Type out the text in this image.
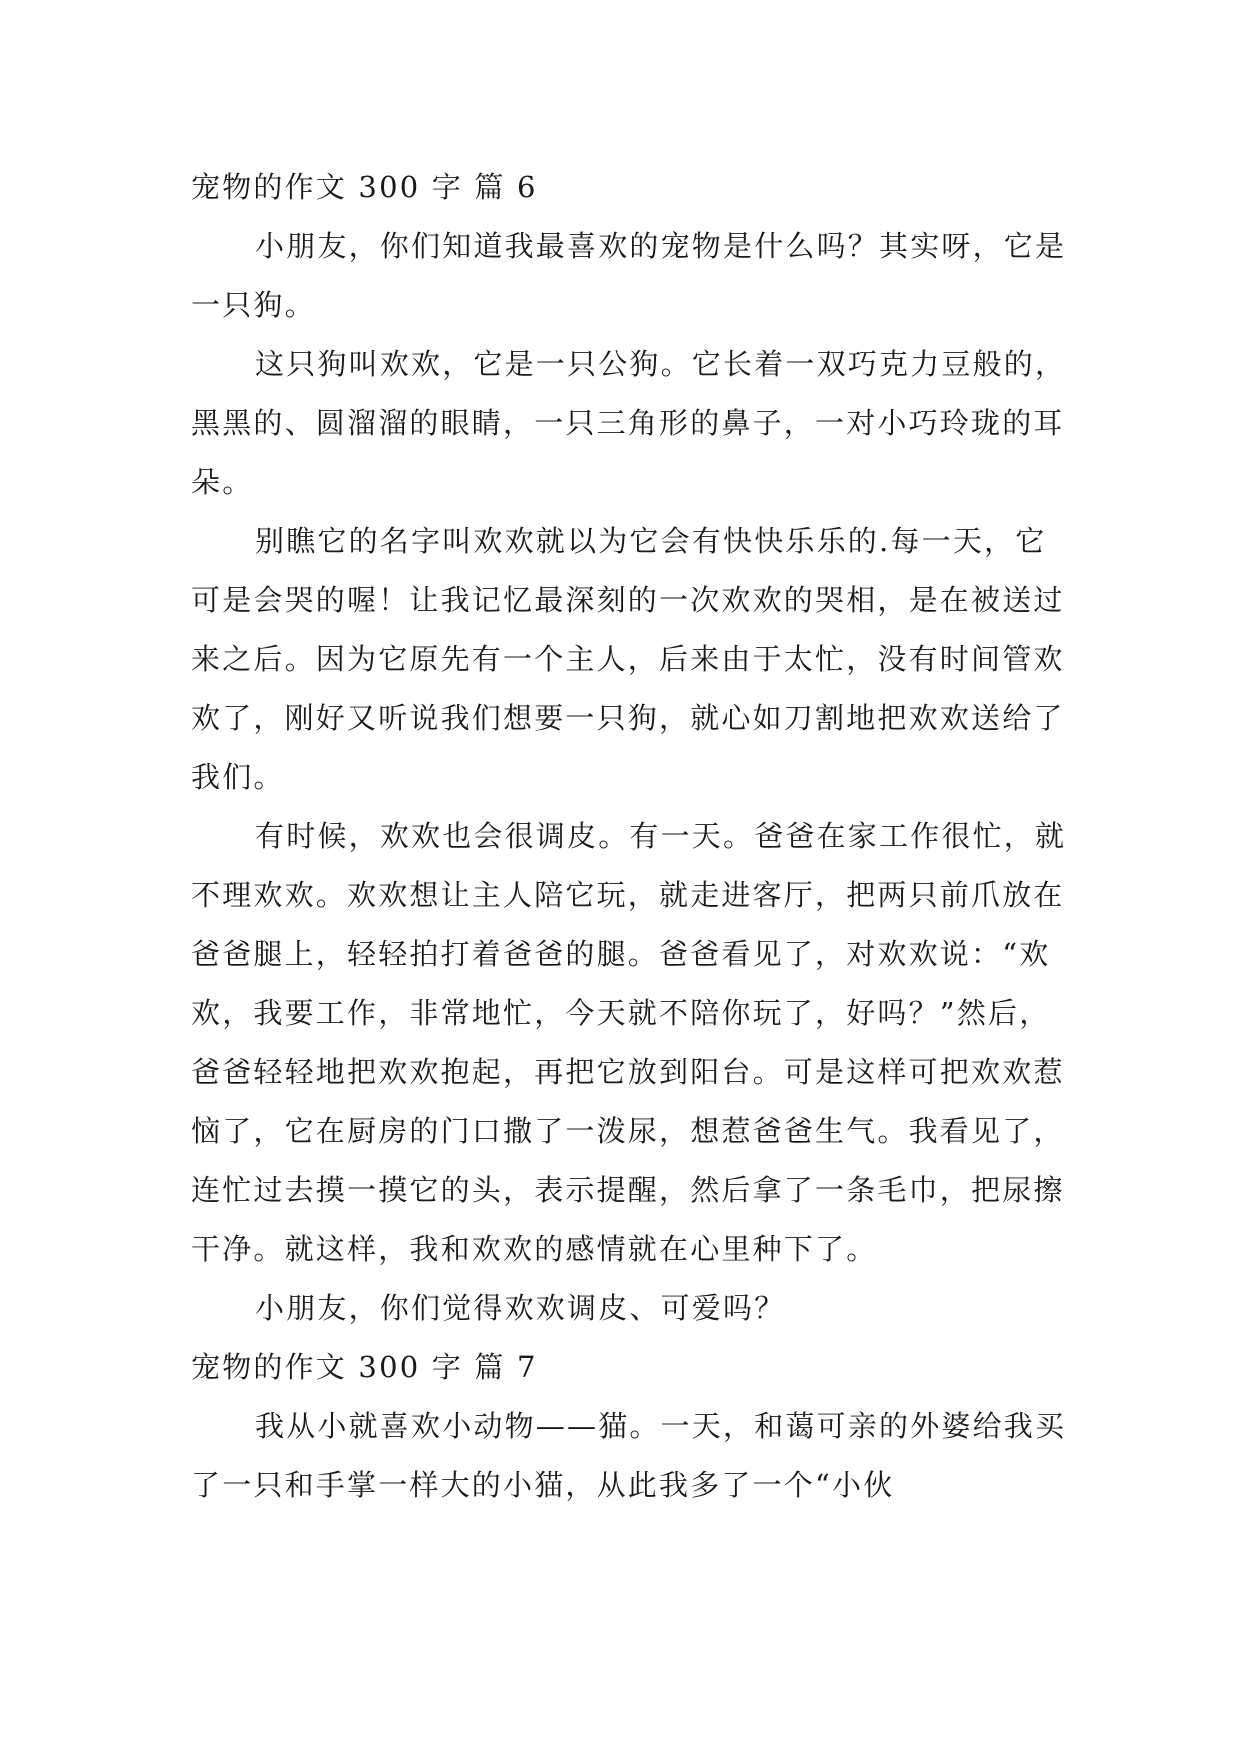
宠物的作文 300 字 篇 6

小朋友，你们知道我最喜欢的宠物是什么吗？其实呀，它是一只狗。

这只狗叫欢欢，它是一只公狗。它长着一双巧克力豆般的，黑黑的、圆溜溜的眼睛，一只三角形的鼻子，一对小巧玲珑的耳朵。

别瞧它的名字叫欢欢就以为它会有快快乐乐的.每一天，它可是会哭的喔！让我记忆最深刻的一次欢欢的哭相，是在被送过来之后。因为它原先有一个主人，后来由于太忙，没有时间管欢欢了，刚好又听说我们想要一只狗，就心如刀割地把欢欢送给了我们。

有时候，欢欢也会很调皮。有一天。爸爸在家工作很忙，就不理欢欢。欢欢想让主人陪它玩，就走进客厅，把两只前爪放在爸爸腿上，轻轻拍打着爸爸的腿。爸爸看见了，对欢欢说：“欢欢，我要工作，非常地忙，今天就不陪你玩了，好吗？”然后，爸爸轻轻地把欢欢抱起，再把它放到阳台。可是这样可把欢欢惹恼了，它在厨房的门口撒了一泼尿，想惹爸爸生气。我看见了，连忙过去摸一摸它的头，表示提醒，然后拿了一条毛巾，把尿擦干净。就这样，我和欢欢的感情就在心里种下了。

小朋友，你们觉得欢欢调皮、可爱吗？

宠物的作文 300 字 篇 7

我从小就喜欢小动物——猫。一天，和蔼可亲的外婆给我买了一只和手掌一样大的小猫，从此我多了一个“小伙
